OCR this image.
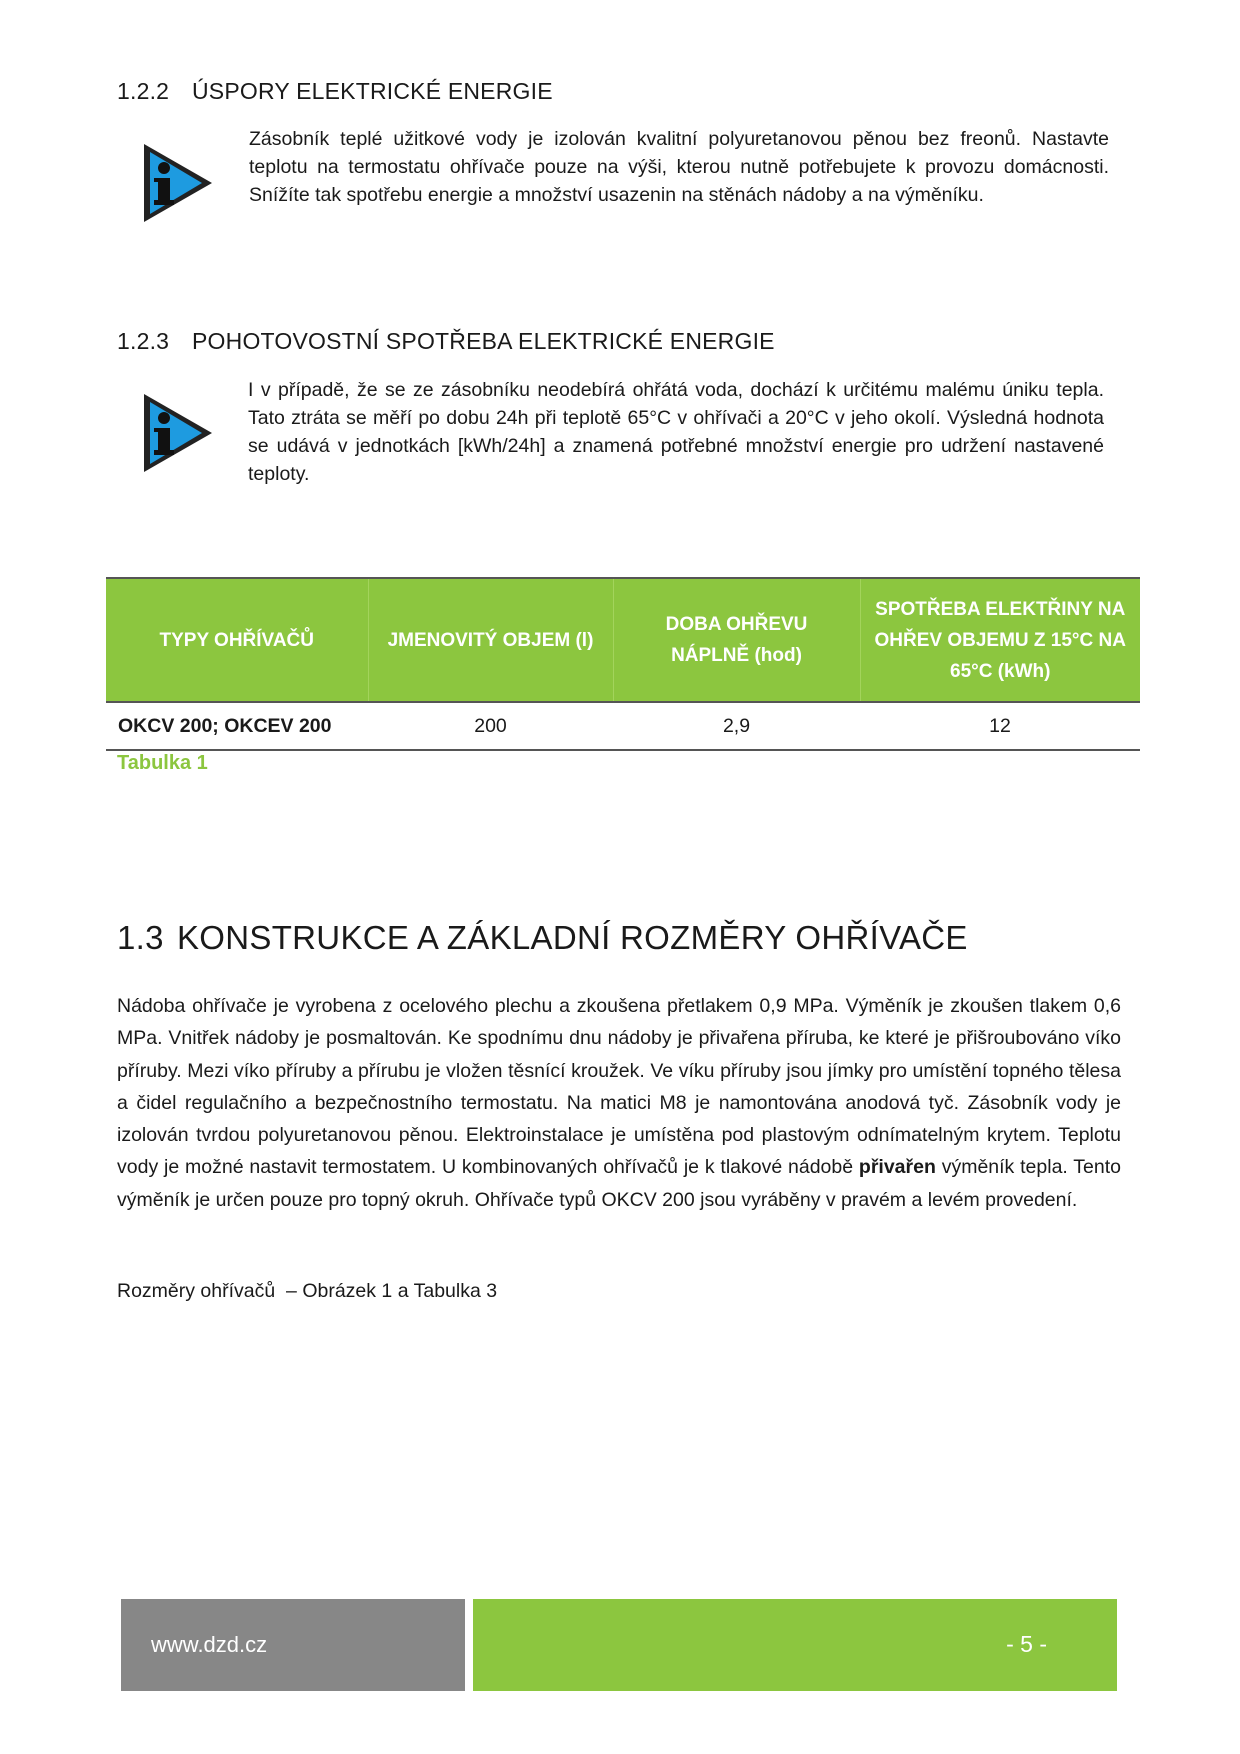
1.2.2 ÚSPORY ELEKTRICKÉ ENERGIE
Zásobník teplé užitkové vody je izolován kvalitní polyuretanovou pěnou bez freonů. Nastavte teplotu na termostatu ohřívače pouze na výši, kterou nutně potřebujete k provozu domácnosti. Snížíte tak spotřebu energie a množství usazenin na stěnách nádoby a na výměníku.
1.2.3 POHOTOVOSTNÍ SPOTŘEBA ELEKTRICKÉ ENERGIE
I v případě, že se ze zásobníku neodebírá ohřátá voda, dochází k určitému malému úniku tepla. Tato ztráta se měří po dobu 24h při teplotě 65°C v ohřívači a 20°C v jeho okolí. Výsledná hodnota se udává v jednotkách [kWh/24h] a znamená potřebné množství energie pro udržení nastavené teploty.
TYPY OHŘÍVAČŮ	JMENOVITÝ OBJEM (l)	DOBA OHŘEVU NÁPLNĚ (hod)	SPOTŘEBA ELEKTŘINY NA OHŘEV OBJEMU Z 15°C NA 65°C (kWh)
OKCV 200; OKCEV 200	200	2,9	12
Tabulka 1
1.3 KONSTRUKCE A ZÁKLADNÍ ROZMĚRY OHŘÍVAČE
Nádoba ohřívače je vyrobena z ocelového plechu a zkoušena přetlakem 0,9 MPa. Výměník je zkoušen tlakem 0,6 MPa. Vnitřek nádoby je posmaltován. Ke spodnímu dnu nádoby je přivařena příruba, ke které je přišroubováno víko příruby. Mezi víko příruby a přírubu je vložen těsnící kroužek. Ve víku příruby jsou jímky pro umístění topného tělesa a čidel regulačního a bezpečnostního termostatu. Na matici M8 je namontována anodová tyč. Zásobník vody je izolován tvrdou polyuretanovou pěnou. Elektroinstalace je umístěna pod plastovým odnímatelným krytem. Teplotu vody je možné nastavit termostatem. U kombinovaných ohřívačů je k tlakové nádobě přivařen výměník tepla. Tento výměník je určen pouze pro topný okruh. Ohřívače typů OKCV 200 jsou vyráběny v pravém a levém provedení.
Rozměry ohřívačů  – Obrázek 1 a Tabulka 3
www.dzd.cz	- 5 -
